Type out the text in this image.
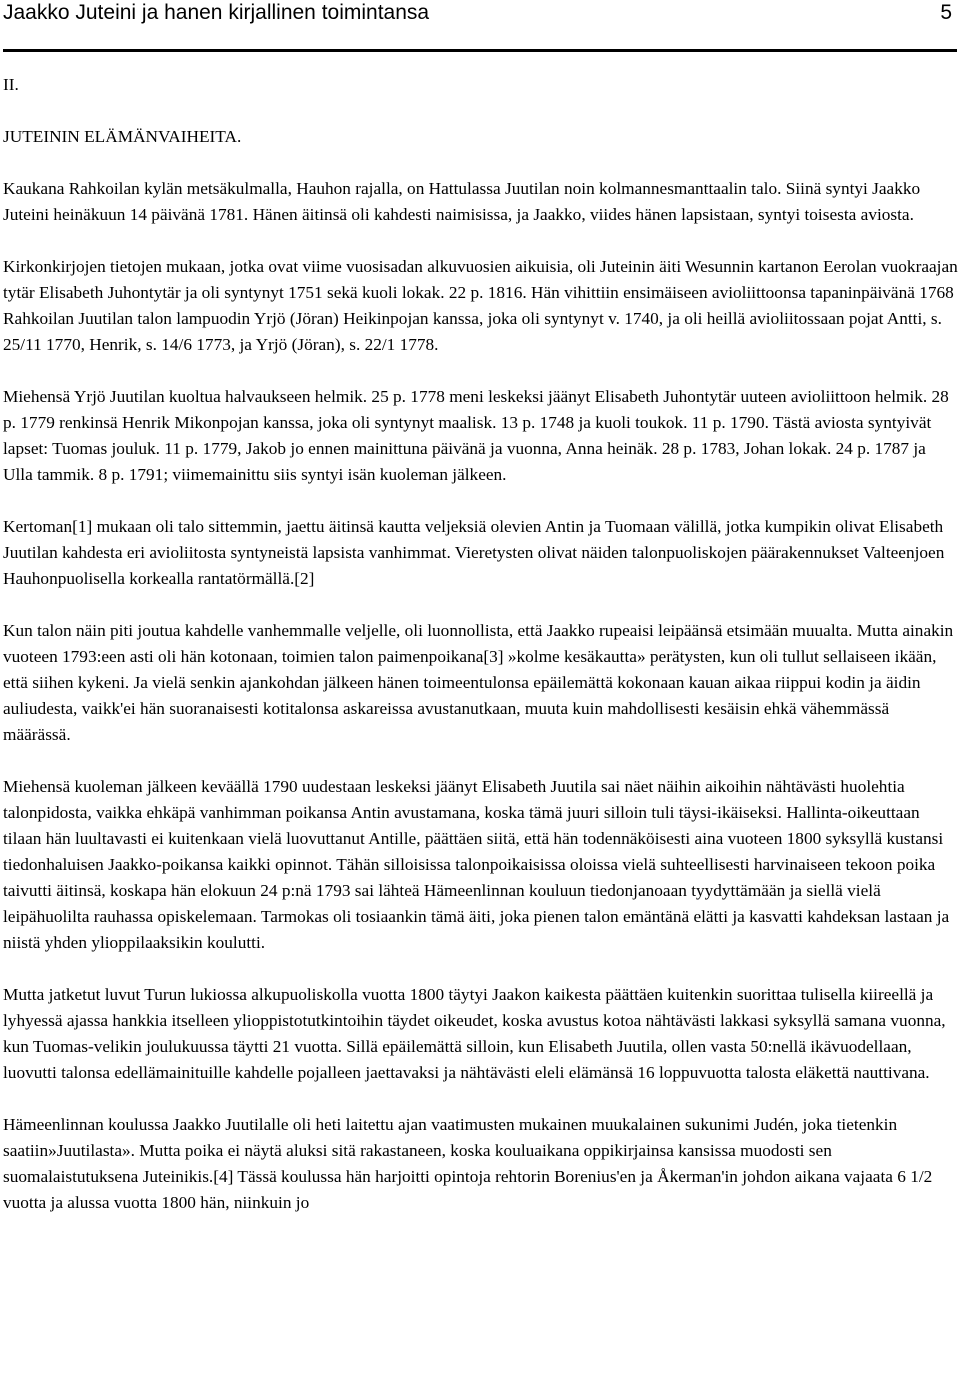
Jaakko Juteini ja hanen kirjallinen toimintansa	5

II.

JUTEININ ELÄMÄNVAIHEITA.

Kaukana Rahkoilan kylän metsäkulmalla, Hauhon rajalla, on Hattulassa Juutilan noin kolmannesmanttaalin talo. Siinä syntyi Jaakko Juteini heinäkuun 14 päivänä 1781. Hänen äitinsä oli kahdesti naimisissa, ja Jaakko, viides hänen lapsistaan, syntyi toisesta aviosta.

Kirkonkirjojen tietojen mukaan, jotka ovat viime vuosisadan alkuvuosien aikuisia, oli Juteinin äiti Wesunnin kartanon Eerolan vuokraajan tytär Elisabeth Juhontytär ja oli syntynyt 1751 sekä kuoli lokak. 22 p. 1816. Hän vihittiin ensimäiseen avioliittoonsa tapaninpäivänä 1768 Rahkoilan Juutilan talon lampuodin Yrjö (Jöran) Heikinpojan kanssa, joka oli syntynyt v. 1740, ja oli heillä avioliitossaan pojat Antti, s. 25/11 1770, Henrik, s. 14/6 1773, ja Yrjö (Jöran), s. 22/1 1778.

Miehensä Yrjö Juutilan kuoltua halvaukseen helmik. 25 p. 1778 meni leskeksi jäänyt Elisabeth Juhontytär uuteen avioliittoon helmik. 28 p. 1779 renkinsä Henrik Mikonpojan kanssa, joka oli syntynyt maalisk. 13 p. 1748 ja kuoli toukok. 11 p. 1790. Tästä aviosta syntyivät lapset: Tuomas jouluk. 11 p. 1779, Jakob jo ennen mainittuna päivänä ja vuonna, Anna heinäk. 28 p. 1783, Johan lokak. 24 p. 1787 ja Ulla tammik. 8 p. 1791; viimemainittu siis syntyi isän kuoleman jälkeen.

Kertoman[1] mukaan oli talo sittemmin, jaettu äitinsä kautta veljeksiä olevien Antin ja Tuomaan välillä, jotka kumpikin olivat Elisabeth Juutilan kahdesta eri avioliitosta syntyneistä lapsista vanhimmat. Vieretysten olivat näiden talonpuoliskojen päärakennukset Valteenjoen Hauhonpuolisella korkealla rantatörmällä.[2]

Kun talon näin piti joutua kahdelle vanhemmalle veljelle, oli luonnollista, että Jaakko rupeaisi leipäänsä etsimään muualta. Mutta ainakin vuoteen 1793:een asti oli hän kotonaan, toimien talon paimenpoikana[3] »kolme kesäkautta» perätysten, kun oli tullut sellaiseen ikään, että siihen kykeni. Ja vielä senkin ajankohdan jälkeen hänen toimeentulonsa epäilemättä kokonaan kauan aikaa riippui kodin ja äidin auliudesta, vaikk'ei hän suoranaisesti kotitalonsa askareissa avustanutkaan, muuta kuin mahdollisesti kesäisin ehkä vähemmässä määrässä.

Miehensä kuoleman jälkeen keväällä 1790 uudestaan leskeksi jäänyt Elisabeth Juutila sai näet näihin aikoihin nähtävästi huolehtia talonpidosta, vaikka ehkäpä vanhimman poikansa Antin avustamana, koska tämä juuri silloin tuli täysi-ikäiseksi. Hallinta-oikeuttaan tilaan hän luultavasti ei kuitenkaan vielä luovuttanut Antille, päättäen siitä, että hän todennäköisesti aina vuoteen 1800 syksyllä kustansi tiedonhaluisen Jaakko-poikansa kaikki opinnot. Tähän silloisissa talonpoikaisissa oloissa vielä suhteellisesti harvinaiseen tekoon poika taivutti äitinsä, koskapa hän elokuun 24 p:nä 1793 sai lähteä Hämeenlinnan kouluun tiedonjanoaan tyydyttämään ja siellä vielä leipähuolilta rauhassa opiskelemaan. Tarmokas oli tosiaankin tämä äiti, joka pienen talon emäntänä elätti ja kasvatti kahdeksan lastaan ja niistä yhden ylioppilaaksikin koulutti.

Mutta jatketut luvut Turun lukiossa alkupuoliskolla vuotta 1800 täytyi Jaakon kaikesta päättäen kuitenkin suorittaa tulisella kiireellä ja lyhyessä ajassa hankkia itselleen ylioppistotutkintoihin täydet oikeudet, koska avustus kotoa nähtävästi lakkasi syksyllä samana vuonna, kun Tuomas-velikin joulukuussa täytti 21 vuotta. Sillä epäilemättä silloin, kun Elisabeth Juutila, ollen vasta 50:nellä ikävuodellaan, luovutti talonsa edellämainituille kahdelle pojalleen jaettavaksi ja nähtävästi eleli elämänsä 16 loppuvuotta talosta eläkettä nauttivana.

Hämeenlinnan koulussa Jaakko Juutilalle oli heti laitettu ajan vaatimusten mukainen muukalainen sukunimi Judén, joka tietenkin saatiin»Juutilasta». Mutta poika ei näytä aluksi sitä rakastaneen, koska kouluaikana oppikirjainsa kansissa muodosti sen suomalaistutuksena Juteinikis.[4] Tässä koulussa hän harjoitti opintoja rehtorin Borenius'en ja Åkerman'in johdon aikana vajaata 6 1/2 vuotta ja alussa vuotta 1800 hän, niinkuin jo
